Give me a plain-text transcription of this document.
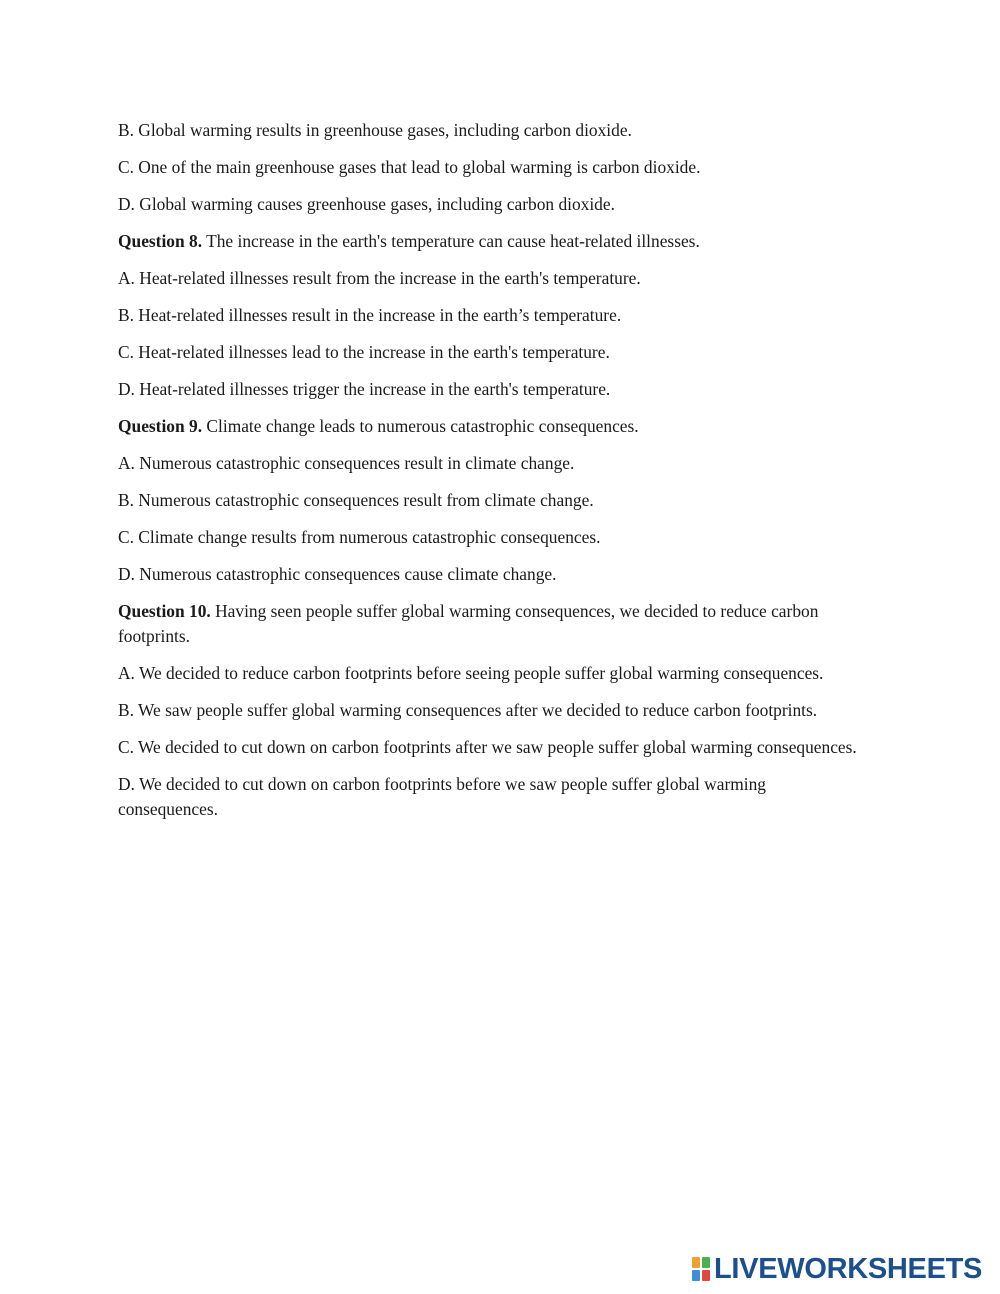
B. Global warming results in greenhouse gases, including carbon dioxide.

C. One of the main greenhouse gases that lead to global warming is carbon dioxide.

D. Global warming causes greenhouse gases, including carbon dioxide.

Question 8. The increase in the earth's temperature can cause heat-related illnesses.

A. Heat-related illnesses result from the increase in the earth's temperature.

B. Heat-related illnesses result in the increase in the earth’s temperature.

C. Heat-related illnesses lead to the increase in the earth's temperature.

D. Heat-related illnesses trigger the increase in the earth's temperature.

Question 9. Climate change leads to numerous catastrophic consequences.

A. Numerous catastrophic consequences result in climate change.

B. Numerous catastrophic consequences result from climate change.

C. Climate change results from numerous catastrophic consequences.

D. Numerous catastrophic consequences cause climate change.

Question 10. Having seen people suffer global warming consequences, we decided to reduce carbon footprints.

A. We decided to reduce carbon footprints before seeing people suffer global warming consequences.

B. We saw people suffer global warming consequences after we decided to reduce carbon footprints.

C. We decided to cut down on carbon footprints after we saw people suffer global warming consequences.

D. We decided to cut down on carbon footprints before we saw people suffer global warming consequences.

LIVEWORKSHEETS
